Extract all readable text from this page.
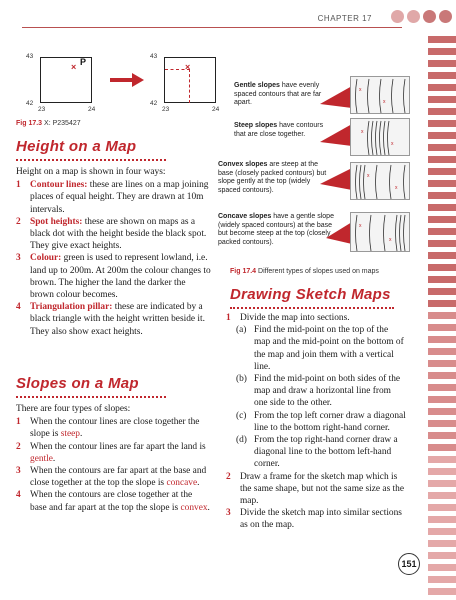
CHAPTER 17
43
42
23	24
× P
43
42
23	24
×
Fig 17.3 X: P235427
Height on a Map
Height on a map is shown in four ways:
1 Contour lines: these are lines on a map joining places of equal height. They are drawn at 10m intervals.
2 Spot heights: these are shown on maps as a black dot with the height beside the black spot. They give exact heights.
3 Colour: green is used to represent lowland, i.e. land up to 200m. At 200m the colour changes to brown. The higher the land the darker the brown colour becomes.
4 Triangulation pillar: these are indicated by a black triangle with the height written beside it. They also show exact heights.
Slopes on a Map
There are four types of slopes:
1 When the contour lines are close together the slope is steep.
2 When the contour lines are far apart the land is gentle.
3 When the contours are far apart at the base and close together at the top the slope is concave.
4 When the contours are close together at the base and far apart at the top the slope is convex.
Gentle slopes have evenly spaced contours that are far apart.
x
x
Steep slopes have contours that are close together.	x
x
Convex slopes are steep at the base (closely packed contours) but slope gently at the top (widely spaced contours).
x
x
Concave slopes have a gentle slope (widely spaced contours) at the base but become steep at the top (closely packed contours).
x
x
Fig 17.4 Different types of slopes used on maps
Drawing Sketch Maps
1 Divide the map into sections.
(a) Find the mid-point on the top of the map and the mid-point on the bottom of the map and join them with a vertical line.
(b) Find the mid-point on both sides of the map and draw a horizontal line from one side to the other.
(c) From the top left corner draw a diagonal line to the bottom right-hand corner.
(d) From the top right-hand corner draw a diagonal line to the bottom left-hand corner.
2 Draw a frame for the sketch map which is the same shape, but not the same size as the map.
3 Divide the sketch map into similar sections as on the map.
151
